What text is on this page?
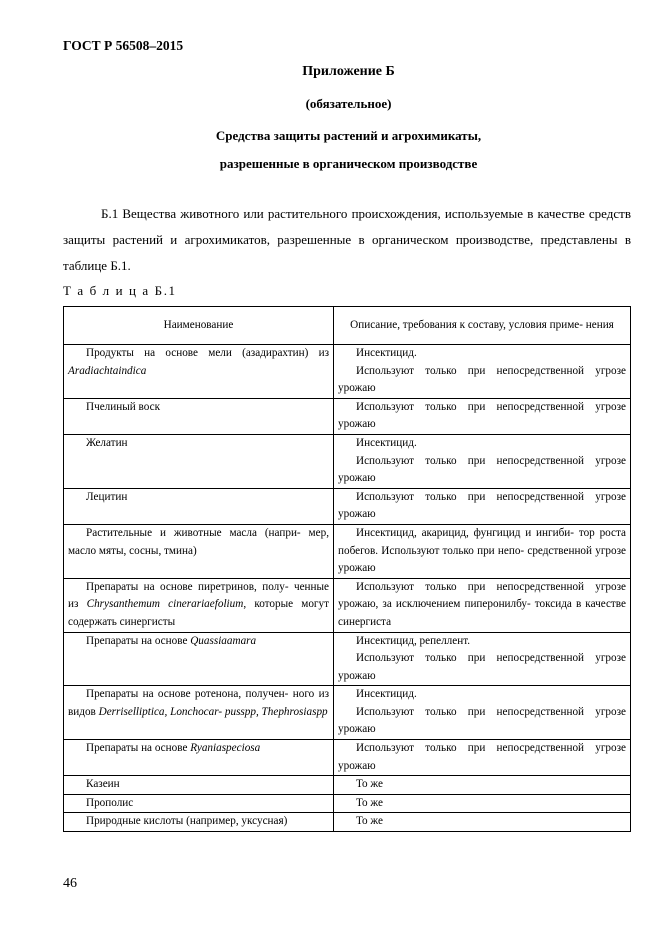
ГОСТ Р 56508–2015
Приложение Б
(обязательное)
Средства защиты растений и агрохимикаты,
разрешенные в органическом производстве
Б.1 Вещества животного или растительного происхождения, используемые в качестве средств защиты растений и агрохимикатов, разрешенные в органическом производстве, представлены в таблице Б.1.
Т а б л и ц а Б.1
Наименование	Описание, требования к составу, условия приме- нения
Продукты на основе мели (азадирахтин) из Aradiachtaindica	Инсектицид.
Используют только при непосредственной угрозе урожаю

Пчелиный воск	Используют только при непосредственной угрозе урожаю

Желатин	Инсектицид.
Используют только при непосредственной угрозе урожаю

Лецитин	Используют только при непосредственной угрозе урожаю

Растительные и животные масла (напри- мер, масло мяты, сосны, тмина)	Инсектицид, акарицид, фунгицид и ингиби- тор роста побегов. Используют только при непо- средственной угрозе урожаю

Препараты на основе пиретринов, полу- ченные из Chrysanthemum cinerariaefolium, которые могут содержать синергисты	Используют только при непосредственной угрозе урожаю, за исключением пиперонилбу- токсида в качестве синергиста

Препараты на основе Quassiaamara	Инсектицид, репеллент.
Используют только при непосредственной угрозе урожаю

Препараты на основе ротенона, получен- ного из видов Derriselliptica, Lonchocar- pusspp, Thephrosiaspp	Инсектицид.
Используют только при непосредственной угрозе урожаю

Препараты на основе Ryaniaspeciosa	Используют только при непосредственной угрозе урожаю

Казеин	То же

Прополис	То же

Природные кислоты (например, уксусная)	То же
46
